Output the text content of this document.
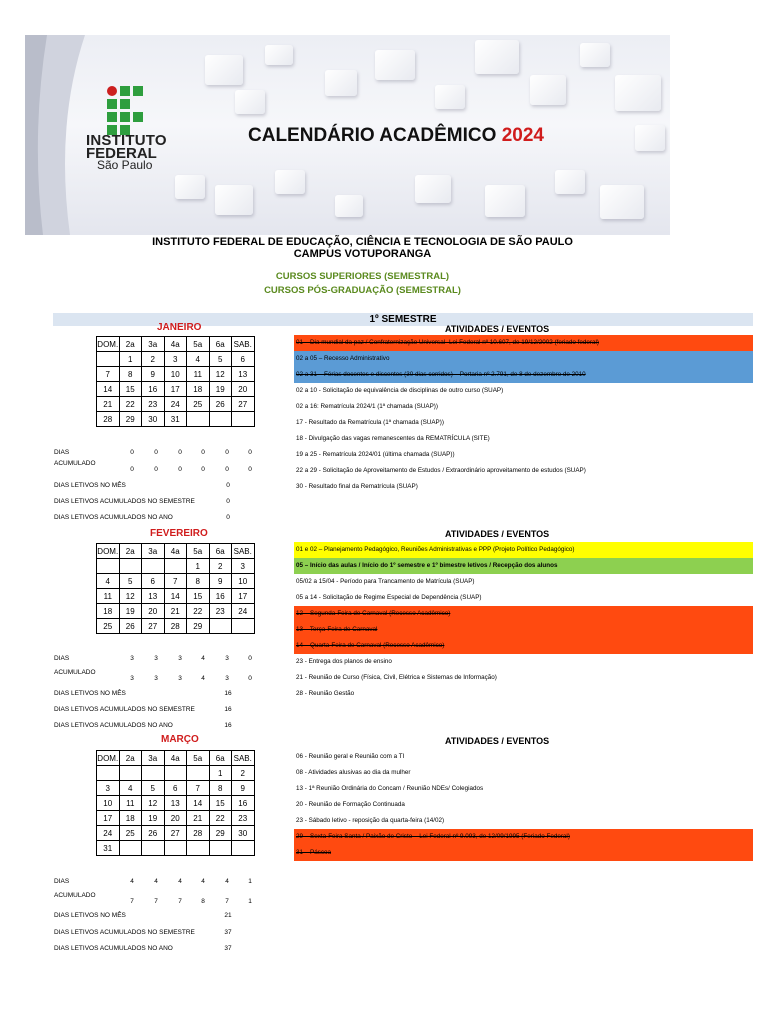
INSTITUTO
FEDERAL
São Paulo
CALENDÁRIO ACADÊMICO 2024
INSTITUTO FEDERAL DE EDUCAÇÃO, CIÊNCIA E TECNOLOGIA DE SÃO PAULO
CAMPUS VOTUPORANGA
CURSOS SUPERIORES (SEMESTRAL)
CURSOS PÓS-GRADUAÇÃO (SEMESTRAL)
1º SEMESTRE
JANEIRO	ATIVIDADES / EVENTOS
DOM.	2a	3a	4a	5a	6a	SAB.
	1	2	3	4	5	6
7	8	9	10	11	12	13
14	15	16	17	18	19	20
21	22	23	24	25	26	27
28	29	30	31			
01 – Dia mundial da paz / Confraternização Universal- Lei Federal nº 10.607, de 19/12/2002 (feriado federal)
02 a 05 – Recesso Administrativo
02 a 31 – Férias docentes e discentes (30 dias corridos) – Portaria nº 2.791, de 8 de dezembro de 2010
02 a 10 - Solicitação de equivalência de disciplinas de outro curso (SUAP)
02 a 16: Rematrícula 2024/1 (1ª chamada (SUAP))
17 - Resultado da Rematrícula (1ª chamada (SUAP))
18 - Divulgação das vagas remanescentes da REMATRÍCULA (SITE)
19 a 25 - Rematrícula 2024/01 (última chamada (SUAP))
22 a 29 - Solicitação de Aproveitamento de Estudos / Extraordinário aproveitamento de estudos (SUAP)
30 - Resultado final da Rematrícula (SUAP)
DIAS
ACUMULADO
0	0	0	0	0	0
0	0	0	0	0	0
DIAS LETIVOS NO MÊS	0
DIAS LETIVOS ACUMULADOS NO SEMESTRE	0
DIAS LETIVOS ACUMULADOS NO ANO	0
FEVEREIRO	ATIVIDADES / EVENTOS
DOM.	2a	3a	4a	5a	6a	SAB.
				1	2	3
4	5	6	7	8	9	10
11	12	13	14	15	16	17
18	19	20	21	22	23	24
25	26	27	28	29		
01 e 02 – Planejamento Pedagógico, Reuniões Administrativas e PPP (Projeto Político Pedagógico)
05 – Início das aulas / Início do 1º semestre e 1º bimestre letivos / Recepção dos alunos
05/02 a 15/04 - Período para Trancamento de Matrícula (SUAP)
05 a 14 - Solicitação de Regime Especial de Dependência (SUAP)
12 – Segunda-Feira de Carnaval (Recesso Acadêmico)
13 – Terça-Feira de Carnaval
14 – Quarta-Feira de Carnaval (Recesso Acadêmico)
23 - Entrega dos planos de ensino
21 - Reunião de Curso (Física, Civil, Elétrica e Sistemas de Informação)
28 - Reunião Gestão
DIAS
ACUMULADO
3	3	3	4	3	0
3	3	3	4	3	0
DIAS LETIVOS NO MÊS	16
DIAS LETIVOS ACUMULADOS NO SEMESTRE	16
DIAS LETIVOS ACUMULADOS NO ANO	16
MARÇO	ATIVIDADES / EVENTOS
DOM.	2a	3a	4a	5a	6a	SAB.
					1	2
3	4	5	6	7	8	9
10	11	12	13	14	15	16
17	18	19	20	21	22	23
24	25	26	27	28	29	30
31						
06 - Reunião geral e Reunião com a TI
08 - Atividades alusivas ao dia da mulher
13 - 1ª Reunião Ordinária do Concam / Reunião NDEs/ Colegiados
20 - Reunião de Formação Continuada
23 - Sábado letivo - reposição da quarta-feira (14/02)
29 – Sexta-Feira Santa / Paixão de Cristo – Lei Federal nº 9.093, de 12/09/1995 (Feriado Federal)
31 – Páscoa
DIAS
ACUMULADO
4	4	4	4	4	1
7	7	7	8	7	1
DIAS LETIVOS NO MÊS	21
DIAS LETIVOS ACUMULADOS NO SEMESTRE	37
DIAS LETIVOS ACUMULADOS NO ANO	37
